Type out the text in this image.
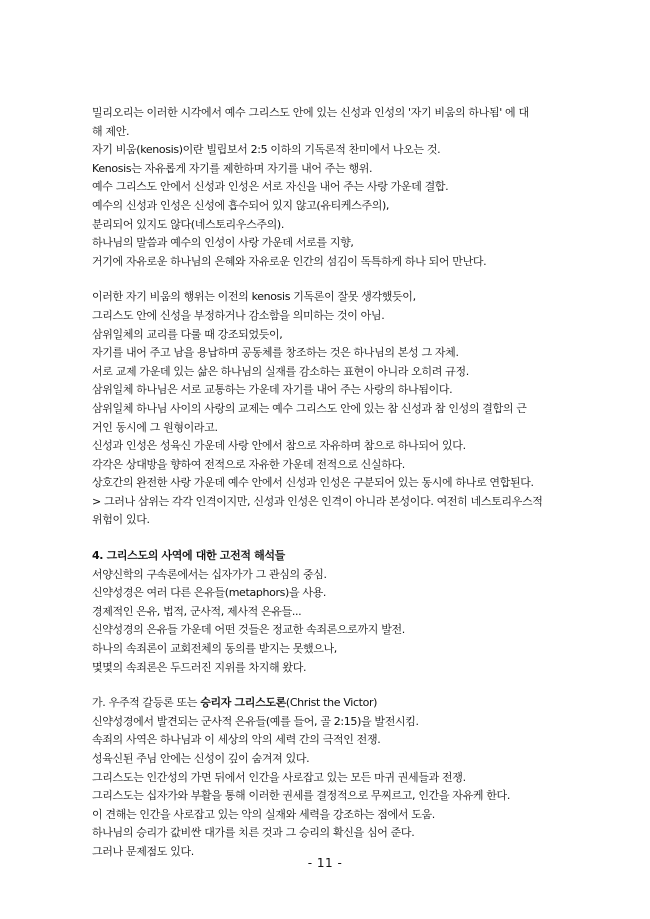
밀리오리는 이러한 시각에서 예수 그리스도 안에 있는 신성과 인성의 '자기 비움의 하나됨' 에 대
해 제안.
자기 비움(kenosis)이란 빌립보서 2:5 이하의 기독론적 찬미에서 나오는 것.
Kenosis는 자유롭게 자기를 제한하며 자기를 내어 주는 행위.
예수 그리스도 안에서 신성과 인성은 서로 자신을 내어 주는 사랑 가운데 결합.
예수의 신성과 인성은 신성에 흡수되어 있지 않고(유티케스주의),
분리되어 있지도 않다(네스토리우스주의).
하나님의 말씀과 예수의 인성이 사랑 가운데 서로를 지향,
거기에 자유로운 하나님의 은혜와 자유로운 인간의 섬김이 독특하게 하나 되어 만난다.
이러한 자기 비움의 행위는 이전의 kenosis 기독론이 잘못 생각했듯이,
그리스도 안에 신성을 부정하거나 감소함을 의미하는 것이 아님.
삼위일체의 교리를 다룰 때 강조되었듯이,
자기를 내어 주고 남을 용납하며 공동체를 창조하는 것은 하나님의 본성 그 자체.
서로 교제 가운데 있는 삶은 하나님의 실재를 감소하는 표현이 아니라 오히려 규정.
삼위일체 하나님은 서로 교통하는 가운데 자기를 내어 주는 사랑의 하나됨이다.
삼위일체 하나님 사이의 사랑의 교제는 예수 그리스도 안에 있는 참 신성과 참 인성의 결합의 근
거인 동시에 그 원형이라고.
신성과 인성은 성육신 가운데 사랑 안에서 참으로 자유하며 참으로 하나되어 있다.
각각은 상대방을 향하여 전적으로 자유한 가운데 전적으로 신실하다.
상호간의 완전한 사랑 가운데 예수 안에서 신성과 인성은 구분되어 있는 동시에 하나로 연합된다.
> 그러나 삼위는 각각 인격이지만, 신성과 인성은 인격이 아니라 본성이다. 여전히 네스토리우스적
위험이 있다.
4. 그리스도의 사역에 대한 고전적 해석들
서양신학의 구속론에서는 십자가가 그 관심의 중심.
신약성경은 여러 다른 은유들(metaphors)을 사용.
경제적인 은유, 법적, 군사적, 제사적 은유들...
신약성경의 은유들 가운데 어떤 것들은 정교한 속죄론으로까지 발전.
하나의 속죄론이 교회전체의 동의를 받지는 못했으나,
몇몇의 속죄론은 두드러진 지위를 차지해 왔다.
가. 우주적 갈등론 또는 승리자 그리스도론(Christ the Victor)
신약성경에서 발견되는 군사적 은유들(예를 들어, 골 2:15)을 발전시킴.
속죄의 사역은 하나님과 이 세상의 악의 세력 간의 극적인 전쟁.
성육신된 주님 안에는 신성이 깊이 숨겨져 있다.
그리스도는 인간성의 가면 뒤에서 인간을 사로잡고 있는 모든 마귀 권세들과 전쟁.
그리스도는 십자가와 부활을 통해 이러한 권세를 결정적으로 무찌르고, 인간을 자유케 한다.
이 견해는 인간을 사로잡고 있는 악의 실재와 세력을 강조하는 점에서 도움.
하나님의 승리가 값비싼 대가를 치른 것과 그 승리의 확신을 심어 준다.
그러나 문제점도 있다.
- 11 -
